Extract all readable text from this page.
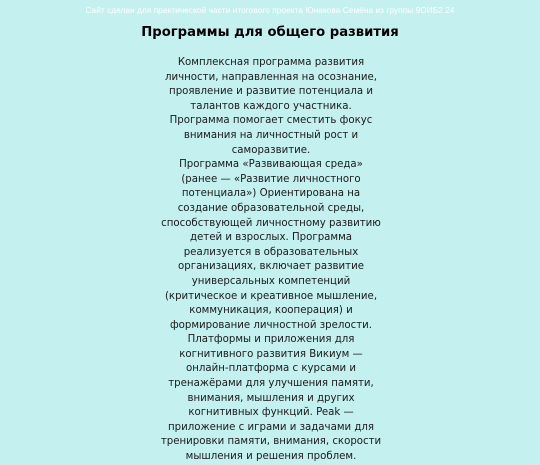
Сайт сделан для практической части итогового проекта Юнакова Семёна из группы 9ОИБ2.24
Программы для общего развития

Комплексная программа развития личности, направленная на осознание, проявление и развитие потенциала и талантов каждого участника. Программа помогает сместить фокус внимания на личностный рост и саморазвитие.

Программа «Развивающая среда» (ранее — «Развитие личностного потенциала») Ориентирована на создание образовательной среды, способствующей личностному развитию детей и взрослых. Программа реализуется в образовательных организациях, включает развитие универсальных компетенций (критическое и креативное мышление, коммуникация, кооперация) и формирование личностной зрелости.

Платформы и приложения для когнитивного развития Викиум — онлайн-платформа с курсами и тренажёрами для улучшения памяти, внимания, мышления и других когнитивных функций. Peak — приложение с играми и задачами для тренировки памяти, внимания, скорости мышления и решения проблем.
